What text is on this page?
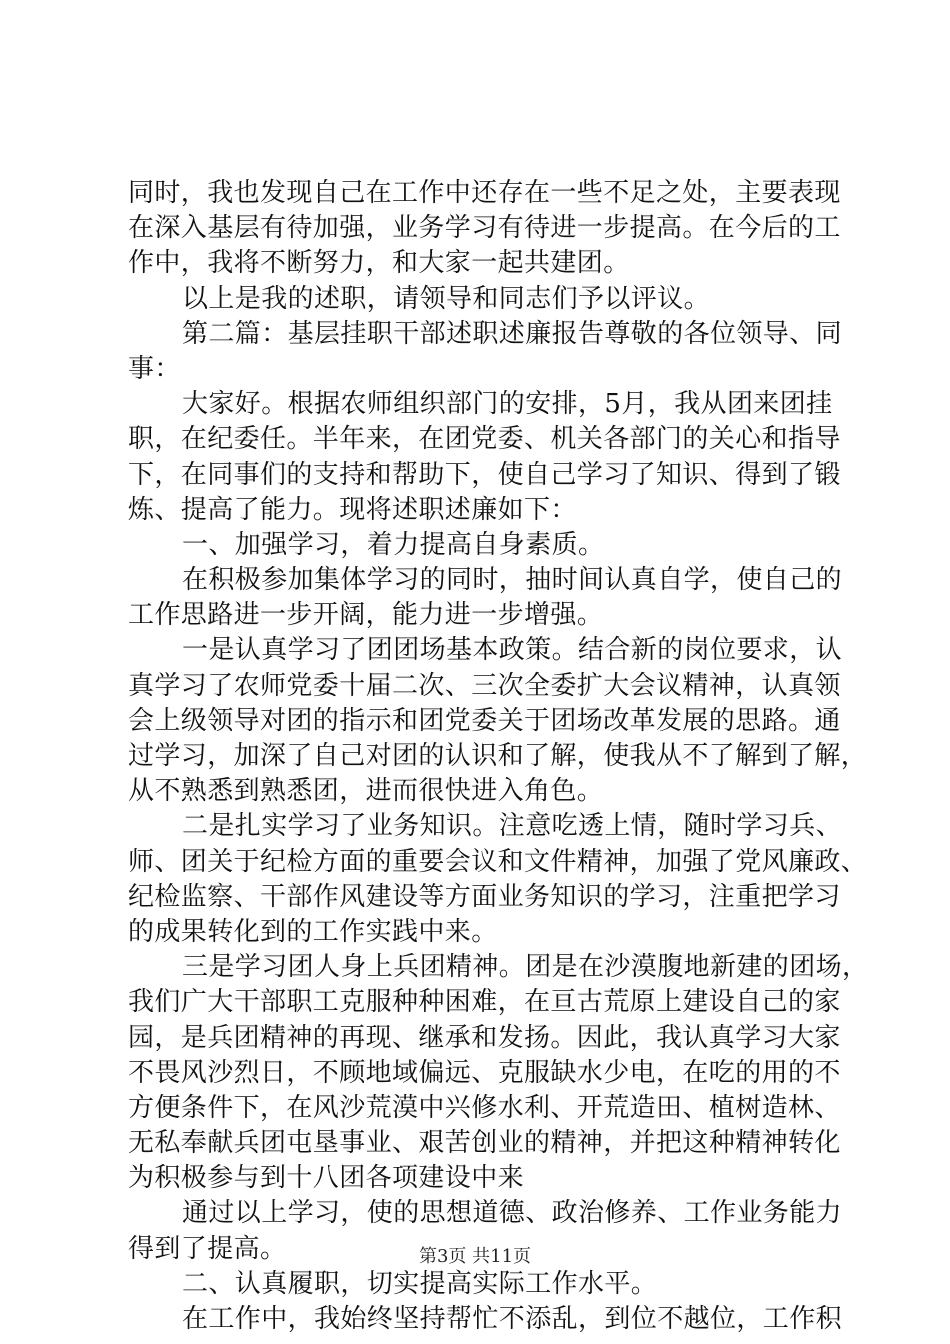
同时，我也发现自己在工作中还存在一些不足之处，主要表现
在深入基层有待加强，业务学习有待进一步提高。在今后的工
作中，我将不断努力，和大家一起共建团。
以上是我的述职，请领导和同志们予以评议。
第二篇：基层挂职干部述职述廉报告尊敬的各位领导、同
事：
大家好。根据农师组织部门的安排，5月，我从团来团挂
职，在纪委任。半年来，在团党委、机关各部门的关心和指导
下，在同事们的支持和帮助下，使自己学习了知识、得到了锻
炼、提高了能力。现将述职述廉如下：
一、加强学习，着力提高自身素质。
在积极参加集体学习的同时，抽时间认真自学，使自己的
工作思路进一步开阔，能力进一步增强。
一是认真学习了团团场基本政策。结合新的岗位要求，认
真学习了农师党委十届二次、三次全委扩大会议精神，认真领
会上级领导对团的指示和团党委关于团场改革发展的思路。通
过学习，加深了自己对团的认识和了解，使我从不了解到了解，
从不熟悉到熟悉团，进而很快进入角色。
二是扎实学习了业务知识。注意吃透上情，随时学习兵、
师、团关于纪检方面的重要会议和文件精神，加强了党风廉政、
纪检监察、干部作风建设等方面业务知识的学习，注重把学习
的成果转化到的工作实践中来。
三是学习团人身上兵团精神。团是在沙漠腹地新建的团场，
我们广大干部职工克服种种困难，在亘古荒原上建设自己的家
园，是兵团精神的再现、继承和发扬。因此，我认真学习大家
不畏风沙烈日，不顾地域偏远、克服缺水少电，在吃的用的不
方便条件下，在风沙荒漠中兴修水利、开荒造田、植树造林、
无私奉献兵团屯垦事业、艰苦创业的精神，并把这种精神转化
为积极参与到十八团各项建设中来
通过以上学习，使的思想道德、政治修养、工作业务能力
得到了提高。
二、认真履职，切实提高实际工作水平。
在工作中，我始终坚持帮忙不添乱，到位不越位，工作积
第3页 共11页
